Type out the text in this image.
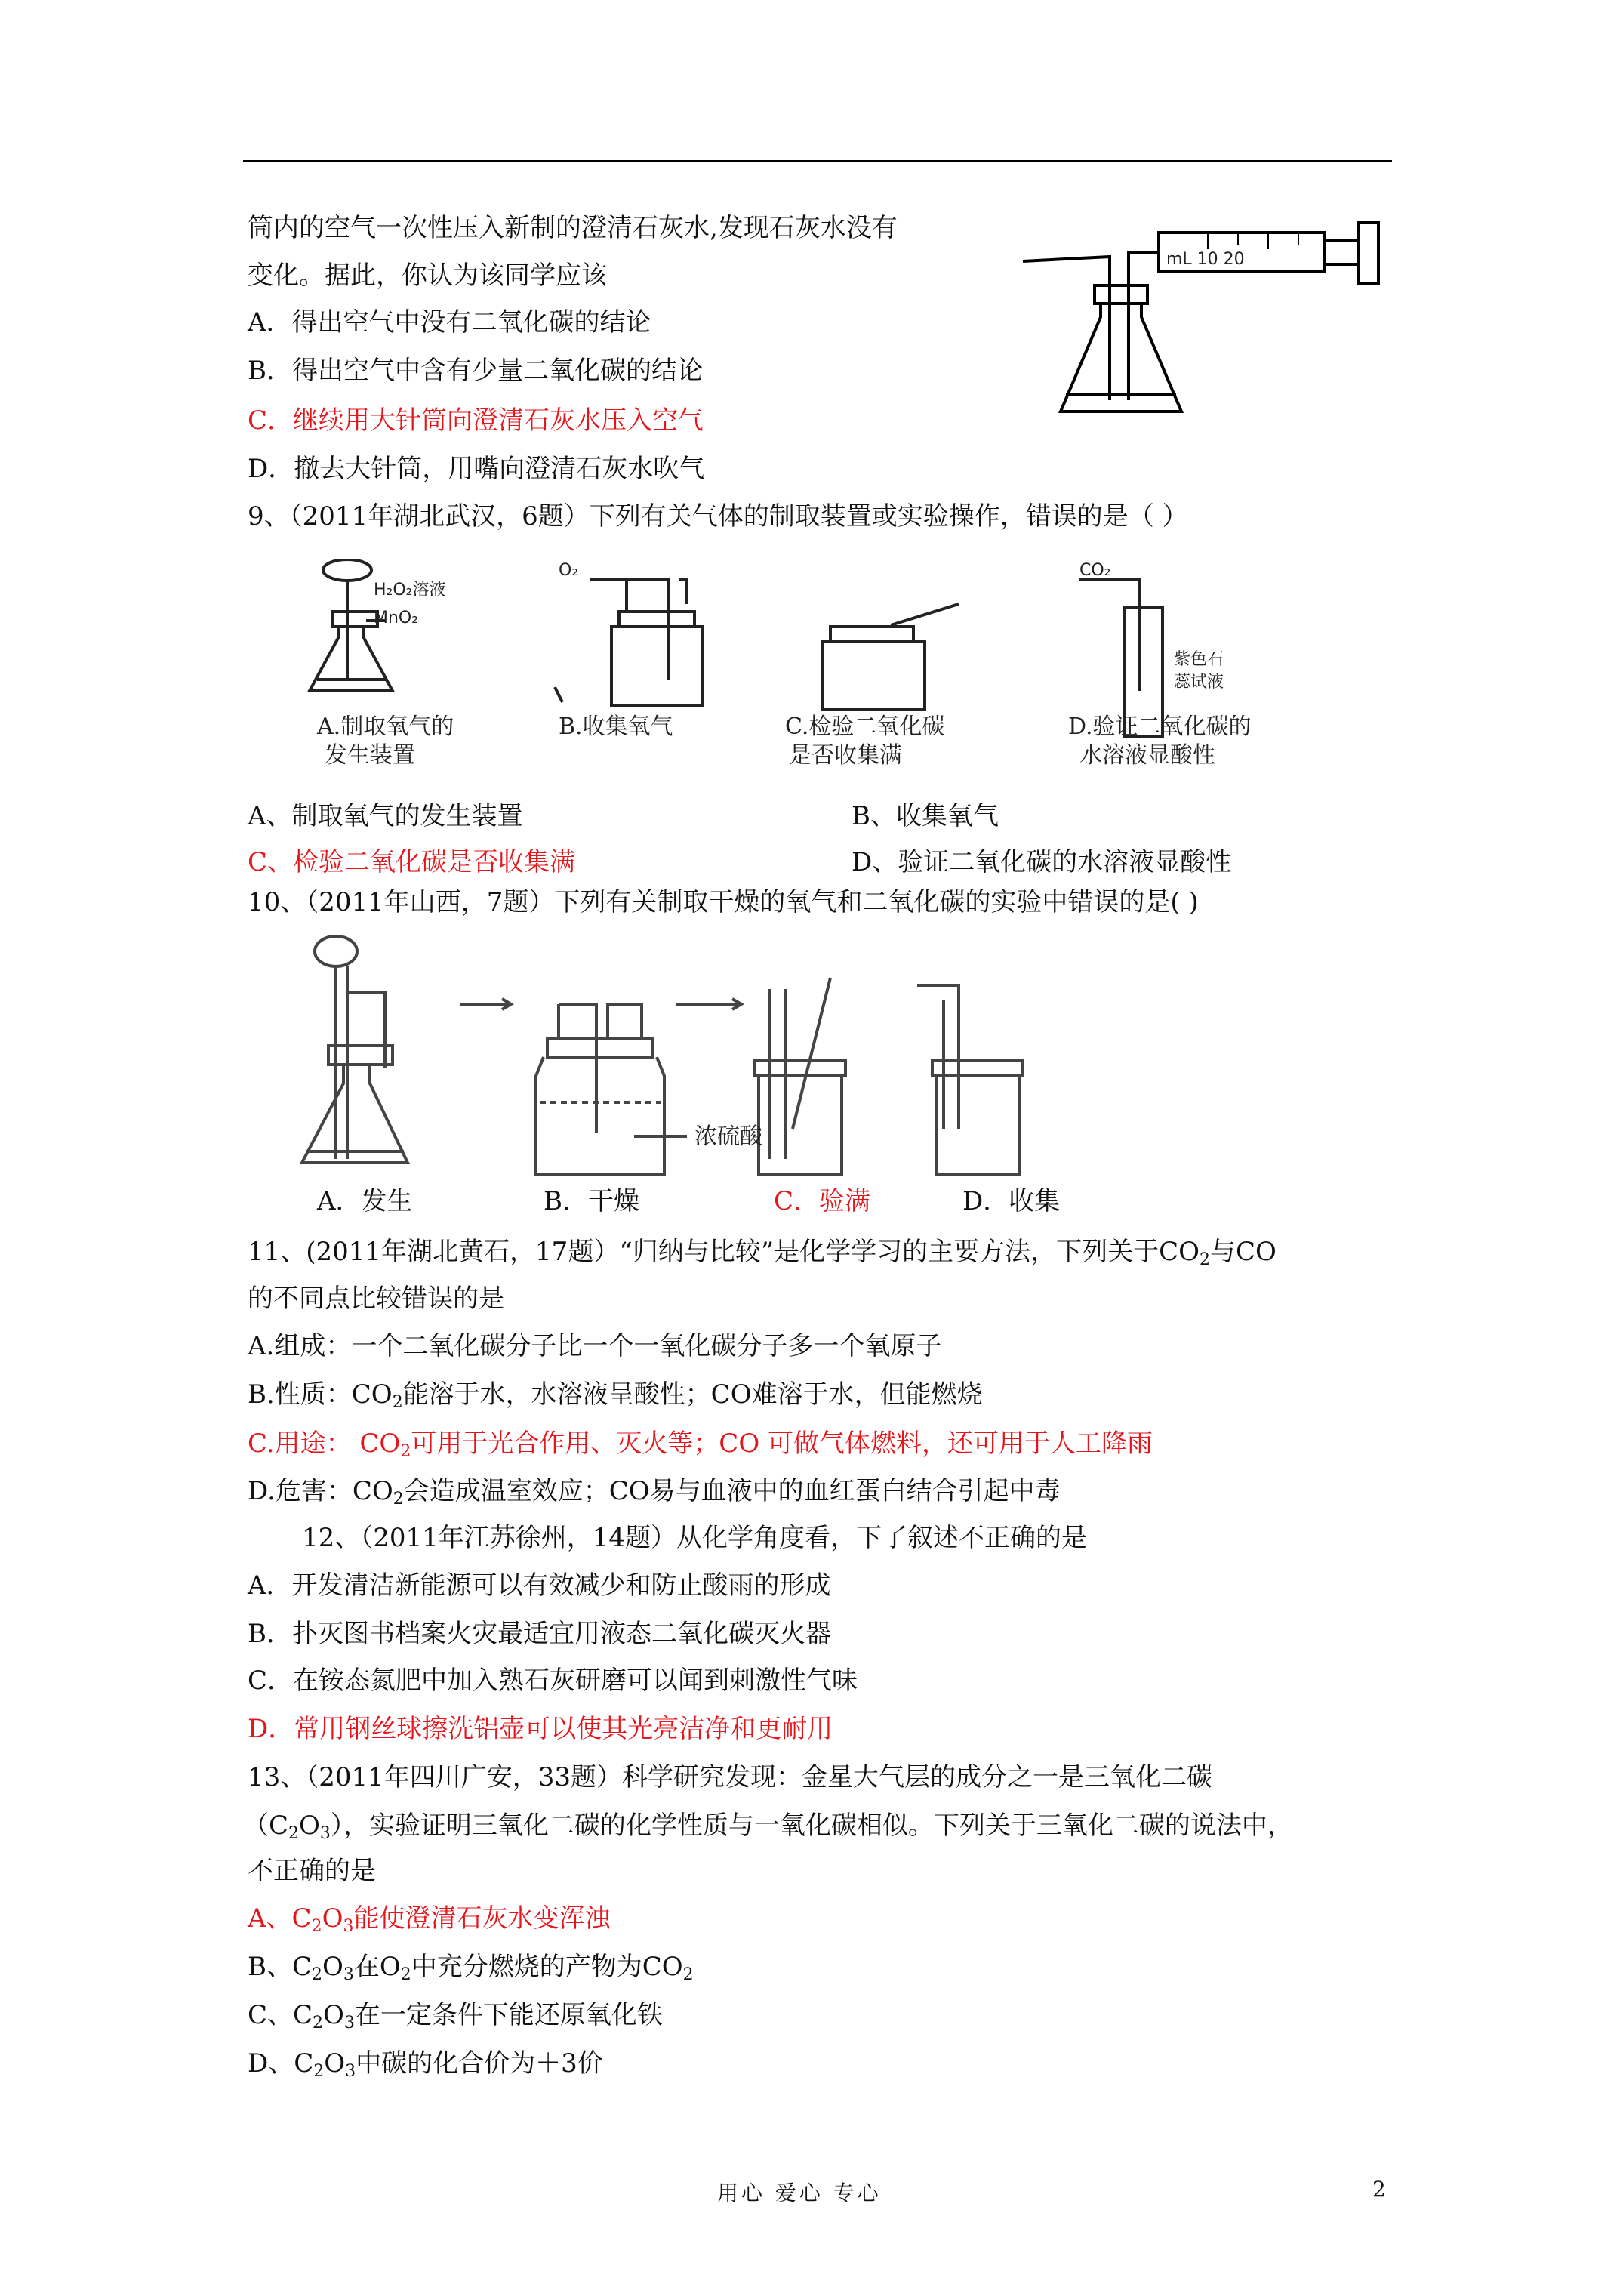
筒内的空气一次性压入新制的澄清石灰水,发现石灰水没有
变化。据此，你认为该同学应该
A．得出空气中没有二氧化碳的结论
B．得出空气中含有少量二氧化碳的结论
C．继续用大针筒向澄清石灰水压入空气
D．撤去大针筒，用嘴向澄清石灰水吹气
mL 10 20
9、（2011年湖北武汉，6题）下列有关气体的制取装置或实验操作，错误的是（ ）
H₂O₂溶液
MnO₂
A.制取氧气的
发生装置
O₂
B.收集氧气	C.检验二氧化碳
是否收集满
CO₂
紫色石
蕊试液
D.验证二氧化碳的
水溶液显酸性
A、制取氧气的发生装置	B、收集氧气
C、检验二氧化碳是否收集满	D、验证二氧化碳的水溶液显酸性
10、（2011年山西，7题）下列有关制取干燥的氧气和二氧化碳的实验中错误的是( )
浓硫酸
A．发生	B．干燥	C．验满	D．收集
11、(2011年湖北黄石，17题）“归纳与比较”是化学学习的主要方法，下列关于$CO_2$与CO
的不同点比较错误的是
A.组成：一个二氧化碳分子比一个一氧化碳分子多一个氧原子
B.性质：$CO_2$能溶于水，水溶液呈酸性；CO难溶于水，但能燃烧
C.用途： $CO_2$可用于光合作用、灭火等；CO 可做气体燃料，还可用于人工降雨
D.危害：$CO_2$会造成温室效应；CO易与血液中的血红蛋白结合引起中毒
12、（2011年江苏徐州，14题）从化学角度看，下了叙述不正确的是
A．开发清洁新能源可以有效减少和防止酸雨的形成
B．扑灭图书档案火灾最适宜用液态二氧化碳灭火器
C．在铵态氮肥中加入熟石灰研磨可以闻到刺激性气味
D．常用钢丝球擦洗铝壶可以使其光亮洁净和更耐用
13、（2011年四川广安，33题）科学研究发现：金星大气层的成分之一是三氧化二碳
$(C_2O_3)$，实验证明三氧化二碳的化学性质与一氧化碳相似。下列关于三氧化二碳的说法中，
不正确的是
A、$C_2O_3$能使澄清石灰水变浑浊
B、$C_2O_3$在$O_2$中充分燃烧的产物为$CO_2$
C、$C_2O_3$在一定条件下能还原氧化铁
D、$C_2O_3$中碳的化合价为＋3价
用心 爱心 专心	2
